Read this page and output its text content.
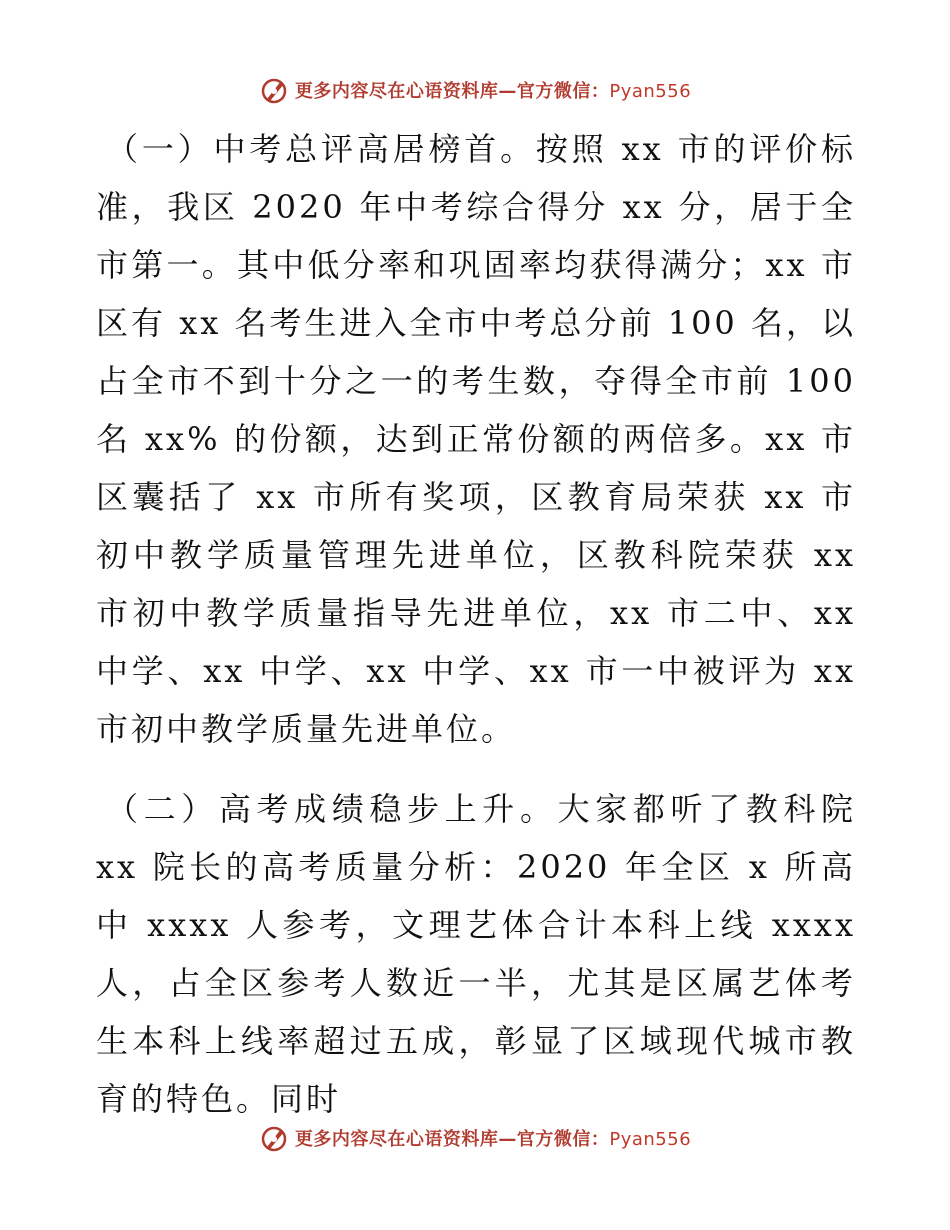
更多内容尽在心语资料库—官方微信：Pyan556

（一）中考总评高居榜首。按照 xx 市的评价标准，我区 2020 年中考综合得分 xx 分，居于全市第一。其中低分率和巩固率均获得满分；xx 市区有 xx 名考生进入全市中考总分前 100 名，以占全市不到十分之一的考生数，夺得全市前 100 名 xx% 的份额，达到正常份额的两倍多。xx 市区囊括了 xx 市所有奖项，区教育局荣获 xx 市初中教学质量管理先进单位，区教科院荣获 xx 市初中教学质量指导先进单位，xx 市二中、xx 中学、xx 中学、xx 中学、xx 市一中被评为 xx 市初中教学质量先进单位。

（二）高考成绩稳步上升。大家都听了教科院 xx 院长的高考质量分析：2020 年全区 x 所高中 xxxx 人参考，文理艺体合计本科上线 xxxx 人，占全区参考人数近一半，尤其是区属艺体考生本科上线率超过五成，彰显了区域现代城市教育的特色。同时

更多内容尽在心语资料库—官方微信：Pyan556
